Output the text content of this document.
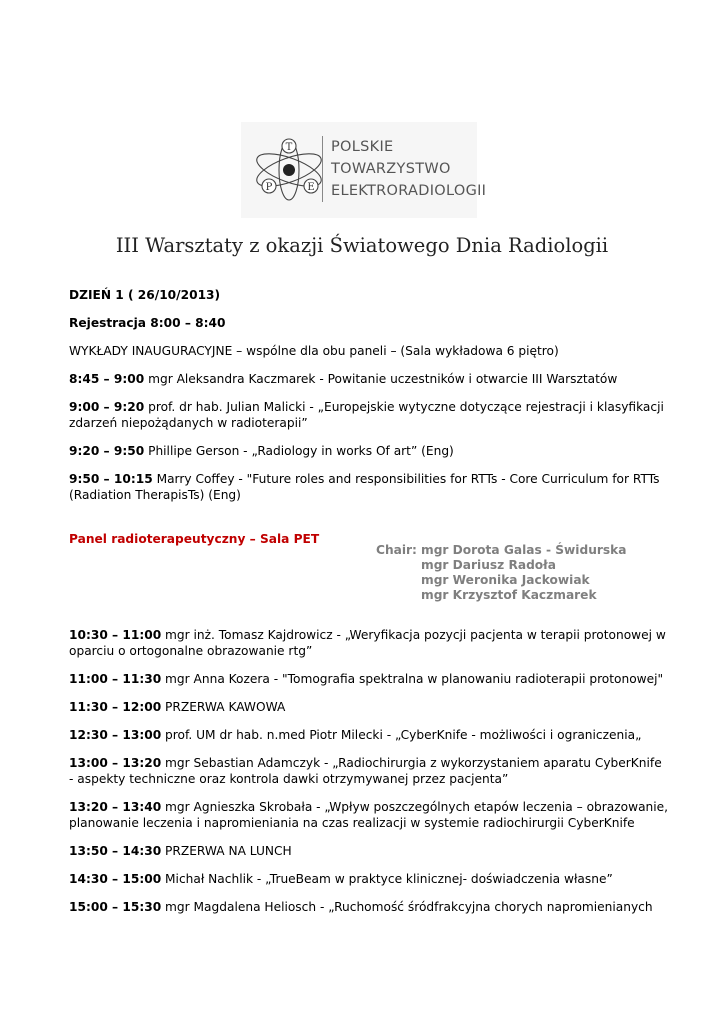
T
P	E
POLSKIE
TOWARZYSTWO
ELEKTRORADIOLOGII
III Warsztaty z okazji Światowego Dnia Radiologii

DZIEŃ 1 ( 26/10/2013)

Rejestracja 8:00 – 8:40

WYKŁADY INAUGURACYJNE – wspólne dla obu paneli – (Sala wykładowa 6 piętro)

8:45 – 9:00 mgr Aleksandra Kaczmarek - Powitanie uczestników i otwarcie III Warsztatów

9:00 – 9:20 prof. dr hab. Julian Malicki - „Europejskie wytyczne dotyczące rejestracji i klasyfikacji zdarzeń niepożądanych w radioterapii”

9:20 – 9:50 Phillipe Gerson - „Radiology in works Of art” (Eng)

9:50 – 10:15 Marry Coffey - "Future roles and responsibilities for RTTs - Core Curriculum for RTTs (Radiation TherapisTs) (Eng)

Panel radioterapeutyczny – Sala PET

Chair: mgr Dorota Galas - Świdurska
mgr Dariusz Radoła
mgr Weronika Jackowiak
mgr Krzysztof Kaczmarek

10:30 – 11:00 mgr inż. Tomasz Kajdrowicz - „Weryfikacja pozycji pacjenta w terapii protonowej w oparciu o ortogonalne obrazowanie rtg”

11:00 – 11:30 mgr Anna Kozera - "Tomografia spektralna w planowaniu radioterapii protonowej"

11:30 – 12:00 PRZERWA KAWOWA

12:30 – 13:00 prof. UM dr hab. n.med Piotr Milecki - „CyberKnife - możliwości i ograniczenia„

13:00 – 13:20 mgr Sebastian Adamczyk - „Radiochirurgia z wykorzystaniem aparatu CyberKnife - aspekty techniczne oraz kontrola dawki otrzymywanej przez pacjenta”

13:20 – 13:40 mgr Agnieszka Skrobała - „Wpływ poszczególnych etapów leczenia – obrazowanie, planowanie leczenia i napromieniania na czas realizacji w systemie radiochirurgii CyberKnife

13:50 – 14:30 PRZERWA NA LUNCH

14:30 – 15:00 Michał Nachlik - „TrueBeam w praktyce klinicznej- doświadczenia własne”

15:00 – 15:30 mgr Magdalena Heliosch - „Ruchomość śródfrakcyjna chorych napromienianych
